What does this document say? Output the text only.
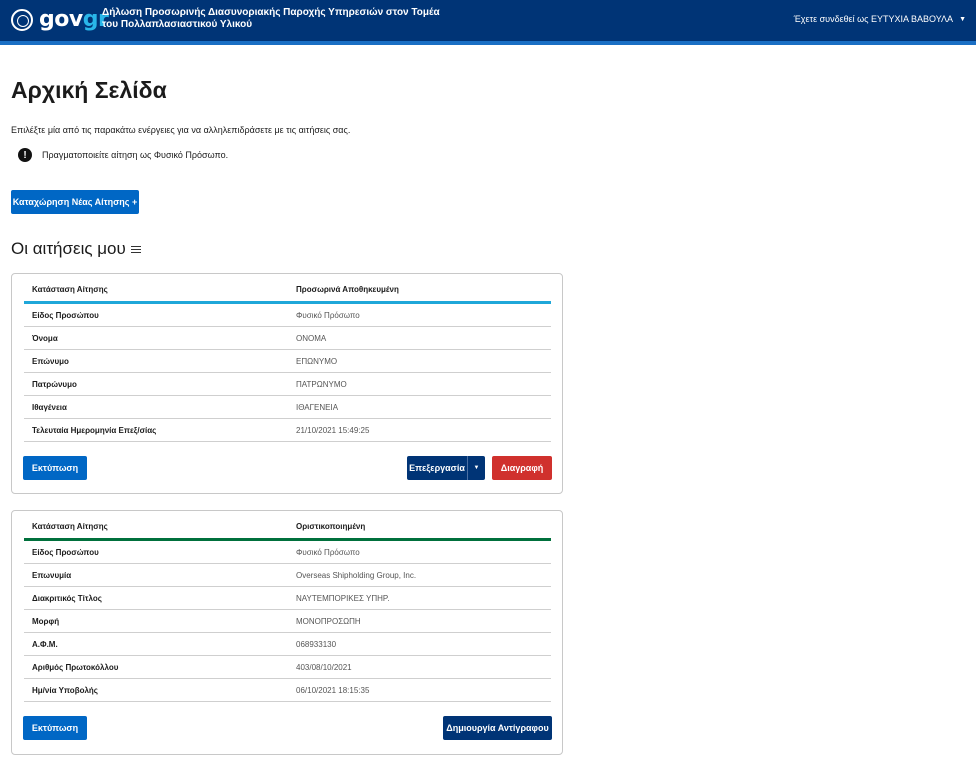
govgr
Δήλωση Προσωρινής Διασυνοριακής Παροχής Υπηρεσιών στον Τομέα του Πολλαπλασιαστικού Υλικού	Έχετε συνδεθεί ως ΕΥΤΥΧΙΑ ΒΑΒΟΥΛΑ ▼
Αρχική Σελίδα

Επιλέξτε μία από τις παρακάτω ενέργειες για να αλληλεπιδράσετε με τις αιτήσεις σας.

!	Πραγματοποιείτε αίτηση ως Φυσικό Πρόσωπο.
Καταχώρηση Νέας Αίτησης +
Οι αιτήσεις μου
Κατάσταση Αίτησης	Προσωρινά Αποθηκευμένη
Είδος Προσώπου	Φυσικό Πρόσωπο
Όνομα	ΟΝΟΜΑ
Επώνυμο	ΕΠΩΝΥΜΟ
Πατρώνυμο	ΠΑΤΡΩΝΥΜΟ
Ιθαγένεια	ΙΘΑΓΕΝΕΙΑ
Τελευταία Ημερομηνία Επεξ/σίας	21/10/2021 15:49:25
Εκτύπωση	Επεξεργασία	▼	Διαγραφή
Κατάσταση Αίτησης	Οριστικοποιημένη
Είδος Προσώπου	Φυσικό Πρόσωπο
Επωνυμία	Overseas Shipholding Group, Inc.
Διακριτικός Τίτλος	ΝΑΥΤΕΜΠΟΡΙΚΕΣ ΥΠΗΡ.
Μορφή	ΜΟΝΟΠΡΟΣΩΠΗ
Α.Φ.Μ.	068933130
Αριθμός Πρωτοκόλλου	403/08/10/2021
Ημ/νία Υποβολής	06/10/2021 18:15:35
Εκτύπωση	Δημιουργία Αντίγραφου
